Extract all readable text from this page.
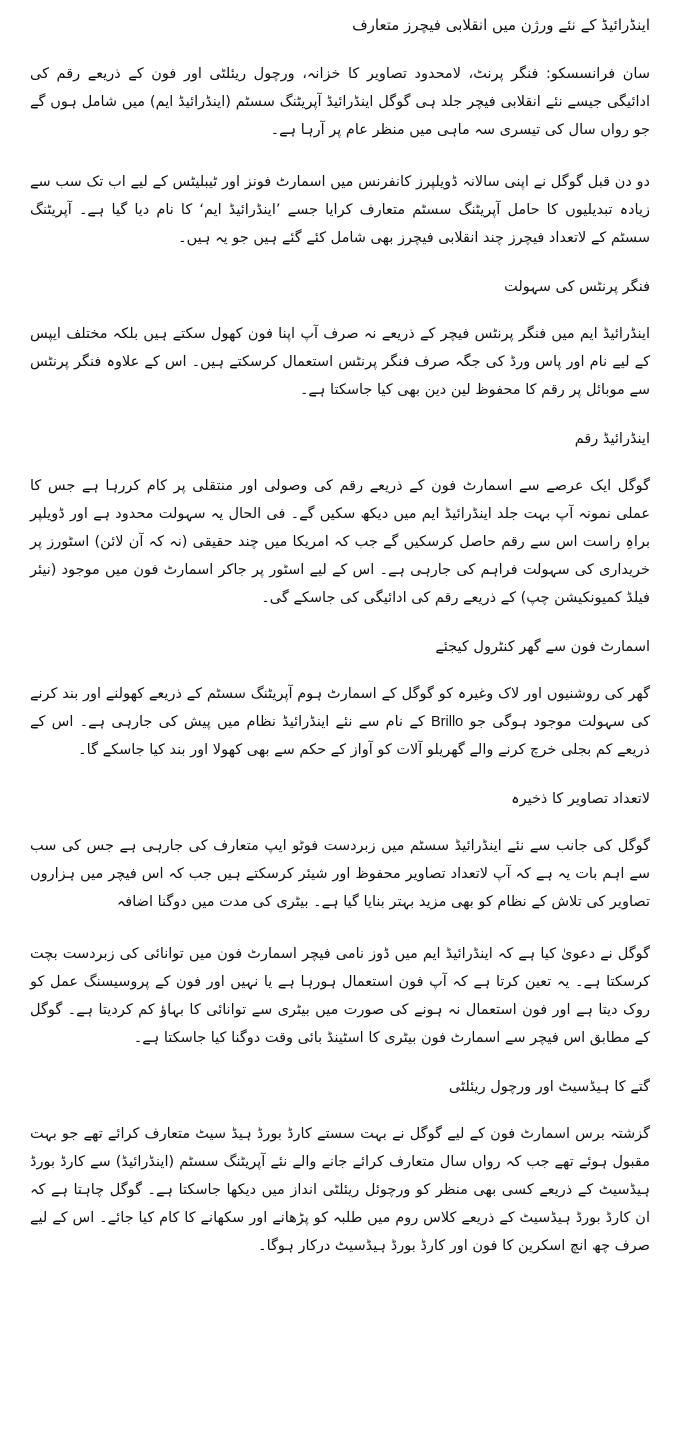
اینڈرائیڈ کے نئے ورژن میں انقلابی فیچرز متعارف
سان فرانسسکو: فنگر پرنٹ، لامحدود تصاویر کا خزانہ، ورچول ریئلٹی اور فون کے ذریعے رقم کی ادائیگی جیسے نئے انقلابی فیچر جلد ہی گوگل اینڈرائیڈ آپریٹنگ سسٹم (اینڈرائیڈ ایم) میں شامل ہوں گے جو رواں سال کی تیسری سہ ماہی میں منظر عام پر آرہا ہے۔
دو دن قبل گوگل نے اپنی سالانہ ڈویلپرز کانفرنس میں اسمارٹ فونز اور ٹیبلیٹس کے لیے اب تک سب سے زیادہ تبدیلیوں کا حامل آپریٹنگ سسٹم متعارف کرایا جسے ’اینڈرائیڈ ایم‘ کا نام دیا گیا ہے۔ آپریٹنگ سسٹم کے لاتعداد فیچرز چند انقلابی فیچرز بھی شامل کئے گئے ہیں جو یہ ہیں۔
فنگر پرنٹس کی سہولت
اینڈرائیڈ ایم میں فنگر پرنٹس فیچر کے ذریعے نہ صرف آپ اپنا فون کھول سکتے ہیں بلکہ مختلف ایپس کے لیے نام اور پاس ورڈ کی جگہ صرف فنگر پرنٹس استعمال کرسکتے ہیں۔ اس کے علاوہ فنگر پرنٹس سے موبائل پر رقم کا محفوظ لین دین بھی کیا جاسکتا ہے۔
اینڈرائیڈ رقم
گوگل ایک عرصے سے اسمارٹ فون کے ذریعے رقم کی وصولی اور منتقلی پر کام کررہا ہے جس کا عملی نمونہ آپ بہت جلد اینڈرائیڈ ایم میں دیکھ سکیں گے۔ فی الحال یہ سہولت محدود ہے اور ڈویلپر براہِ راست اس سے رقم حاصل کرسکیں گے جب کہ امریکا میں چند حقیقی (نہ کہ آن لائن) اسٹورز پر خریداری کی سہولت فراہم کی جارہی ہے۔ اس کے لیے اسٹور پر جاکر اسمارٹ فون میں موجود (نیئر فیلڈ کمیونکیشن چپ) کے ذریعے رقم کی ادائیگی کی جاسکے گی۔
اسمارٹ فون سے گھر کنٹرول کیجئے
گھر کی روشنیوں اور لاک وغیرہ کو گوگل کے اسمارٹ ہوم آپریٹنگ سسٹم کے ذریعے کھولنے اور بند کرنے کی سہولت موجود ہوگی جو Brillo کے نام سے نئے اینڈرائیڈ نظام میں پیش کی جارہی ہے۔ اس کے ذریعے کم بجلی خرچ کرنے والے گھریلو آلات کو آواز کے حکم سے بھی کھولا اور بند کیا جاسکے گا۔
لاتعداد تصاویر کا ذخیرہ
گوگل کی جانب سے نئے اینڈرائیڈ سسٹم میں زبردست فوٹو ایپ متعارف کی جارہی ہے جس کی سب سے اہم بات یہ ہے کہ آپ لاتعداد تصاویر محفوظ اور شیئر کرسکتے ہیں جب کہ اس فیچر میں ہزاروں تصاویر کی تلاش کے نظام کو بھی مزید بہتر بنایا گیا ہے۔ بیٹری کی مدت میں دوگنا اضافہ
گوگل نے دعویٰ کیا ہے کہ اینڈرائیڈ ایم میں ڈوز نامی فیچر اسمارٹ فون میں توانائی کی زبردست بچت کرسکتا ہے۔ یہ تعین کرتا ہے کہ آپ فون استعمال ہورہا ہے یا نہیں اور فون کے پروسیسنگ عمل کو روک دیتا ہے اور فون استعمال نہ ہونے کی صورت میں بیٹری سے توانائی کا بہاؤ کم کردیتا ہے۔ گوگل کے مطابق اس فیچر سے اسمارٹ فون بیٹری کا اسٹینڈ بائی وقت دوگنا کیا جاسکتا ہے۔
گتے کا ہیڈسیٹ اور ورچول ریئلٹی
گزشتہ برس اسمارٹ فون کے لیے گوگل نے بہت سستے کارڈ بورڈ ہیڈ سیٹ متعارف کرائے تھے جو بہت مقبول ہوئے تھے جب کہ رواں سال متعارف کرائے جانے والے نئے آپریٹنگ سسٹم (اینڈرائیڈ) سے کارڈ بورڈ ہیڈسیٹ کے ذریعے کسی بھی منظر کو ورچوئل ریئلٹی انداز میں دیکھا جاسکتا ہے۔ گوگل چاہتا ہے کہ ان کارڈ بورڈ ہیڈسیٹ کے ذریعے کلاس روم میں طلبہ کو پڑھانے اور سکھانے کا کام کیا جائے۔ اس کے لیے صرف چھ انچ اسکرین کا فون اور کارڈ بورڈ ہیڈسیٹ درکار ہوگا۔
